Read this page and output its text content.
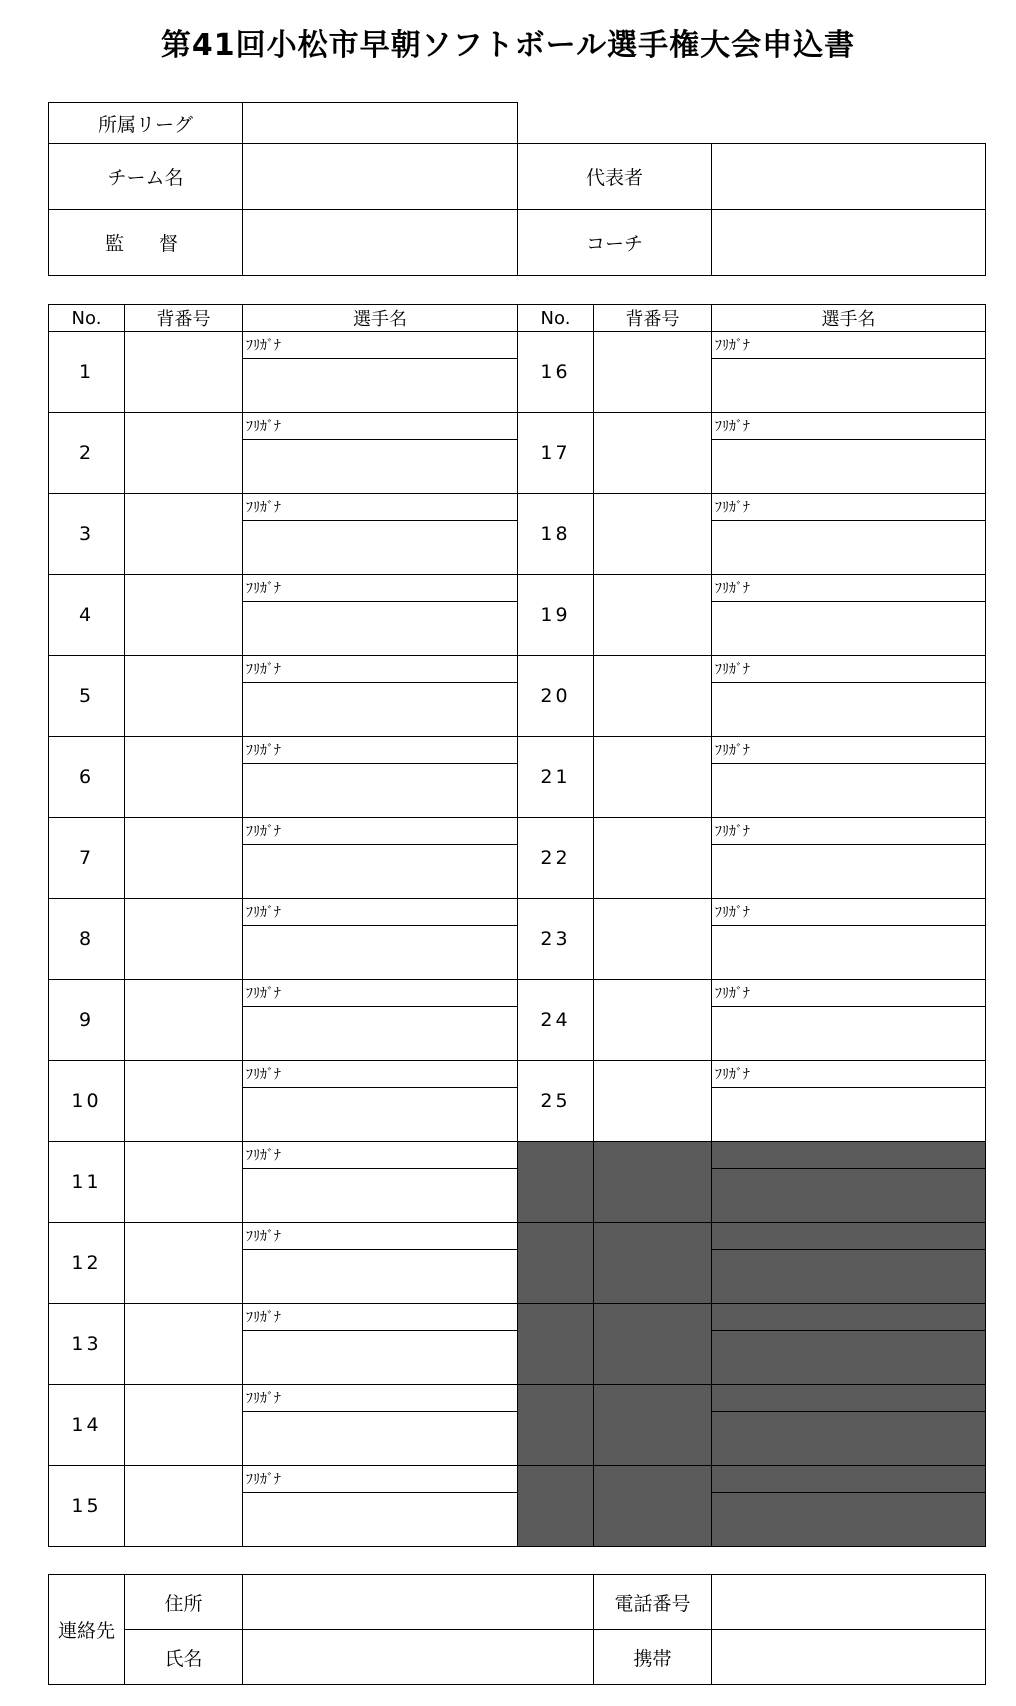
第41回小松市早朝ソフトボール選手権大会申込書
所属リーグ			
チーム名		代表者	
監　督		コーチ	
No.	背番号	選手名	No.	背番号	選手名
1		ﾌﾘｶﾞﾅ	16		ﾌﾘｶﾞﾅ

2		ﾌﾘｶﾞﾅ	17		ﾌﾘｶﾞﾅ

3		ﾌﾘｶﾞﾅ	18		ﾌﾘｶﾞﾅ

4		ﾌﾘｶﾞﾅ	19		ﾌﾘｶﾞﾅ

5		ﾌﾘｶﾞﾅ	20		ﾌﾘｶﾞﾅ

6		ﾌﾘｶﾞﾅ	21		ﾌﾘｶﾞﾅ

7		ﾌﾘｶﾞﾅ	22		ﾌﾘｶﾞﾅ

8		ﾌﾘｶﾞﾅ	23		ﾌﾘｶﾞﾅ

9		ﾌﾘｶﾞﾅ	24		ﾌﾘｶﾞﾅ

10		ﾌﾘｶﾞﾅ	25		ﾌﾘｶﾞﾅ

11		ﾌﾘｶﾞﾅ			

12		ﾌﾘｶﾞﾅ			

13		ﾌﾘｶﾞﾅ			

14		ﾌﾘｶﾞﾅ			

15		ﾌﾘｶﾞﾅ			

連絡先	住所		電話番号	
	氏名		携帯	
